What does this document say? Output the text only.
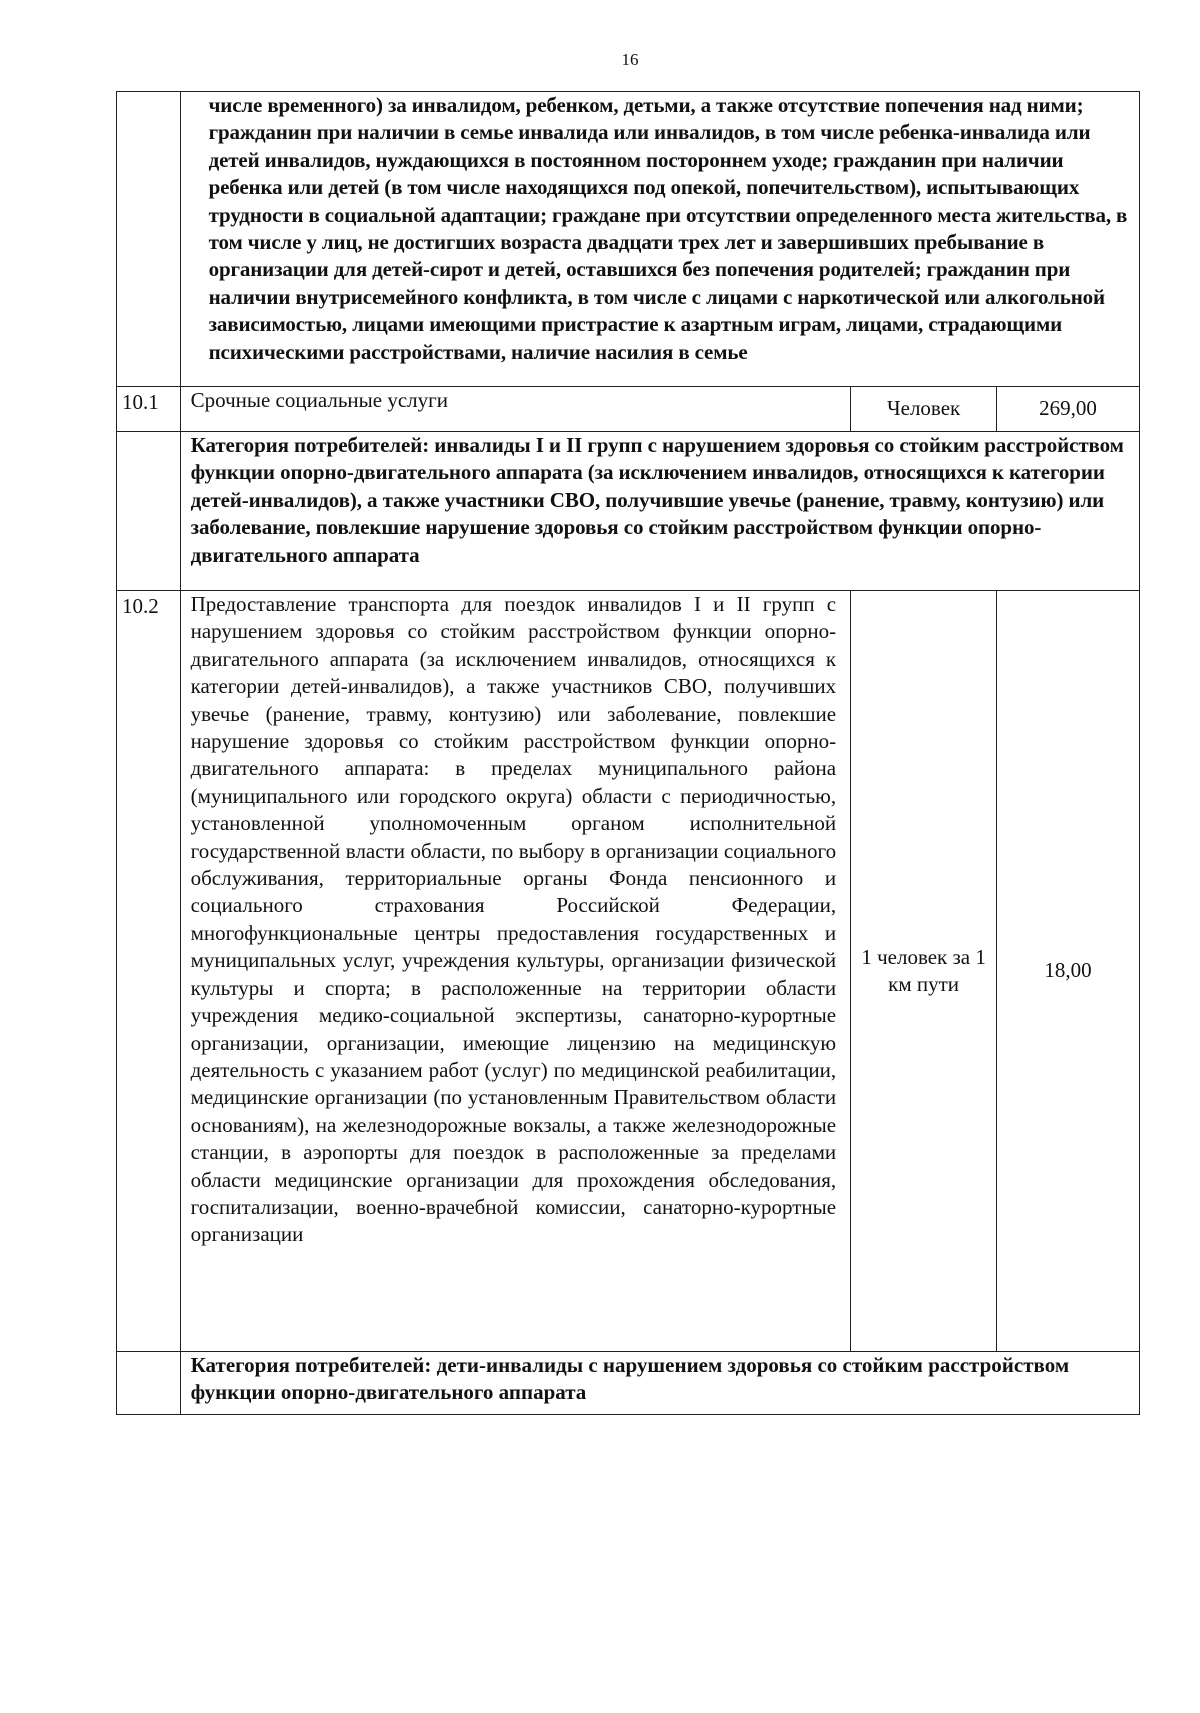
16
	числе временного) за инвалидом, ребенком, детьми, а также отсутствие попечения над ними; гражданин при наличии в семье инвалида или инвалидов, в том числе ребенка-инвалида или детей инвалидов, нуждающихся в постоянном постороннем уходе; гражданин при наличии ребенка или детей (в том числе находящихся под опекой, попечительством), испытывающих трудности в социальной адаптации; граждане при отсутствии определенного места жительства, в том числе у лиц, не достигших возраста двадцати трех лет и завершивших пребывание в организации для детей-сирот и детей, оставшихся без попечения родителей; гражданин при наличии внутрисемейного конфликта, в том числе с лицами с наркотической или алкогольной зависимостью, лицами имеющими пристрастие к азартным играм, лицами, страдающими психическими расстройствами, наличие насилия в семье		
10.1	Срочные социальные услуги	Человек	269,00
	Категория потребителей: инвалиды I и II групп с нарушением здоровья со стойким расстройством функции опорно-двигательного аппарата (за исключением инвалидов, относящихся к категории детей-инвалидов), а также участники СВО, получившие увечье (ранение, травму, контузию) или заболевание, повлекшие нарушение здоровья со стойким расстройством функции опорно-двигательного аппарата		
10.2	Предоставление транспорта для поездок инвалидов I и II групп с нарушением здоровья со стойким расстройством функции опорно-двигательного аппарата (за исключением инвалидов, относящихся к категории детей-инвалидов), а также участников СВО, получивших увечье (ранение, травму, контузию) или заболевание, повлекшие нарушение здоровья со стойким расстройством функции опорно-двигательного аппарата: в пределах муниципального района (муниципального или городского округа) области с периодичностью, установленной уполномоченным органом исполнительной государственной власти области, по выбору в организации социального обслуживания, территориальные органы Фонда пенсионного и социального страхования Российской Федерации, многофункциональные центры предоставления государственных и муниципальных услуг, учреждения культуры, организации физической культуры и спорта; в расположенные на территории области учреждения медико-социальной экспертизы, санаторно-курортные организации, организации, имеющие лицензию на медицинскую деятельность с указанием работ (услуг) по медицинской реабилитации, медицинские организации (по установленным Правительством области основаниям), на железнодорожные вокзалы, а также железнодорожные станции, в аэропорты для поездок в расположенные за пределами области медицинские организации для прохождения обследования, госпитализации, военно-врачебной комиссии, санаторно-курортные организации	1 человек за 1 км пути	18,00
	Категория потребителей: дети-инвалиды с нарушением здоровья со стойким расстройством функции опорно-двигательного аппарата		
